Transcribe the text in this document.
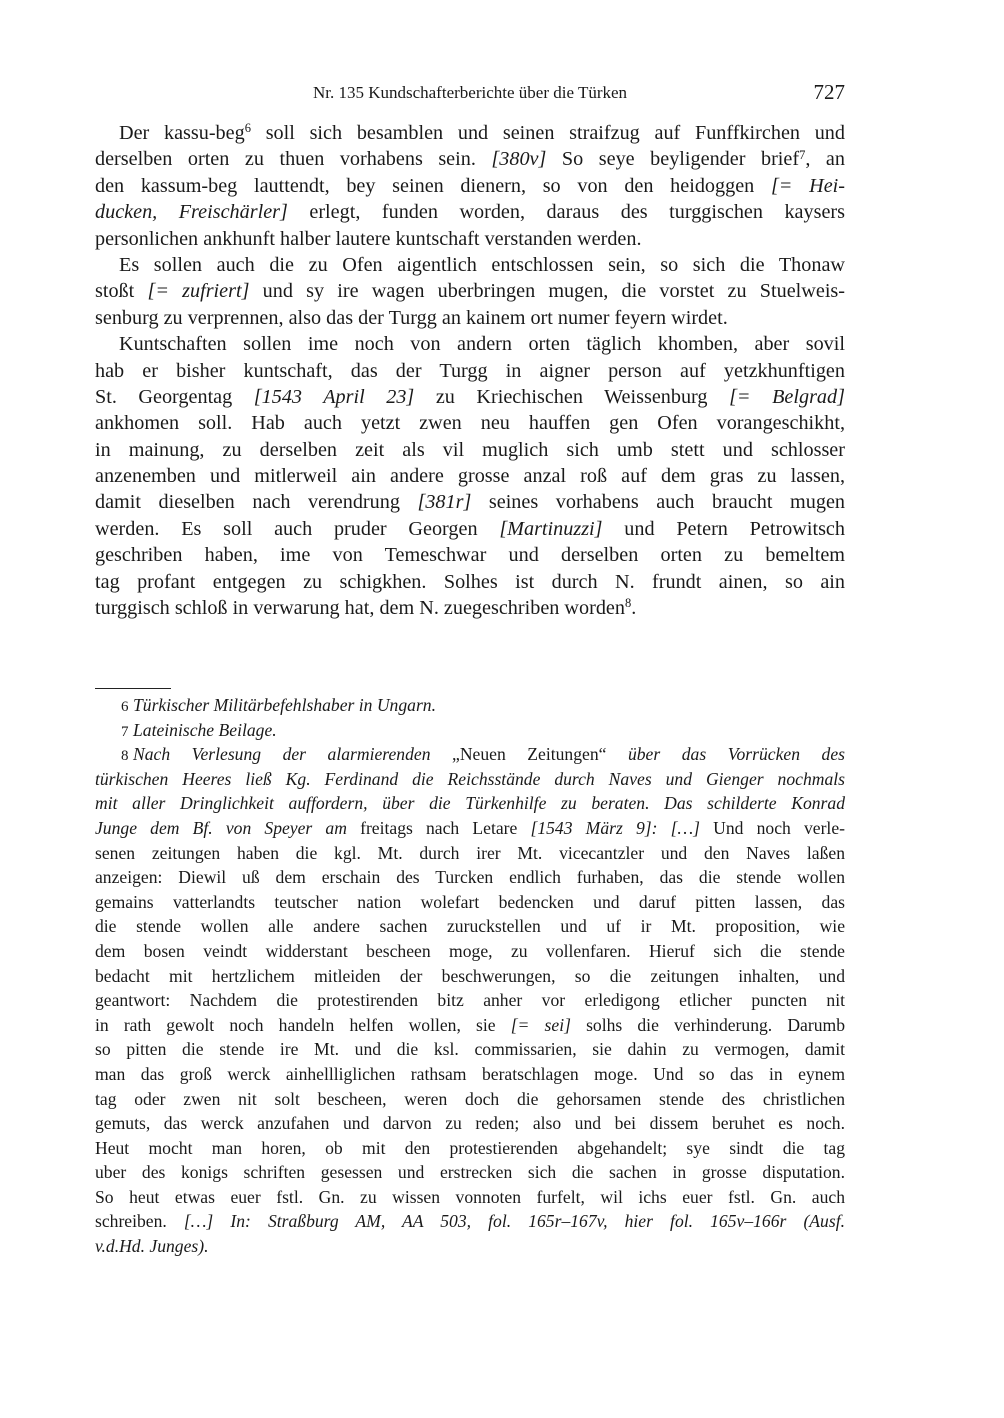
Nr. 135 Kundschafterberichte über die Türken	727
Der kassu-beg$^6$ soll sich besamblen und seinen straifzug auf Funffkirchen und
derselben orten zu thuen vorhabens sein. [380v] So seye beyligender brief$^7$, an
den kassum-beg lauttendt, bey seinen dienern, so von den heidoggen [= Hei-
ducken, Freischärler] erlegt, funden worden, daraus des turggischen kaysers
personlichen ankhunft halber lautere kuntschaft verstanden werden.
Es sollen auch die zu Ofen aigentlich entschlossen sein, so sich die Thonaw
stoßt [= zufriert] und sy ire wagen uberbringen mugen, die vorstet zu Stuelweis-
senburg zu verprennen, also das der Turgg an kainem ort numer feyern wirdet.
Kuntschaften sollen ime noch von andern orten täglich khomben, aber sovil
hab er bisher kuntschaft, das der Turgg in aigner person auf yetzkhunftigen
St. Georgentag [1543 April 23] zu Kriechischen Weissenburg [= Belgrad]
ankhomen soll. Hab auch yetzt zwen neu hauffen gen Ofen vorangeschikht,
in mainung, zu derselben zeit als vil muglich sich umb stett und schlosser
anzenemben und mitlerweil ain andere grosse anzal roß auf dem gras zu lassen,
damit dieselben nach verendrung [381r] seines vorhabens auch braucht mugen
werden. Es soll auch pruder Georgen [Martinuzzi] und Petern Petrowitsch
geschriben haben, ime von Temeschwar und derselben orten zu bemeltem
tag profant entgegen zu schigkhen. Solhes ist durch N. frundt ainen, so ain
turggisch schloß in verwarung hat, dem N. zuegeschriben worden$^8$.
6 Türkischer Militärbefehlshaber in Ungarn.
7 Lateinische Beilage.
8 Nach Verlesung der alarmierenden „Neuen Zeitungen“ über das Vorrücken des
türkischen Heeres ließ Kg. Ferdinand die Reichsstände durch Naves und Gienger nochmals
mit aller Dringlichkeit auffordern, über die Türkenhilfe zu beraten. Das schilderte Konrad
Junge dem Bf. von Speyer am freitags nach Letare [1543 März 9]: […] Und noch verle-
senen zeitungen haben die kgl. Mt. durch irer Mt. vicecantzler und den Naves laßen
anzeigen: Diewil uß dem erschain des Turcken endlich furhaben, das die stende wollen
gemains vatterlandts teutscher nation wolefart bedencken und daruf pitten lassen, das
die stende wollen alle andere sachen zuruckstellen und uf ir Mt. proposition, wie
dem bosen veindt widderstant bescheen moge, zu vollenfaren. Hieruf sich die stende
bedacht mit hertzlichem mitleiden der beschwerungen, so die zeitungen inhalten, und
geantwort: Nachdem die protestirenden bitz anher vor erledigong etlicher puncten nit
in rath gewolt noch handeln helfen wollen, sie [= sei] solhs die verhinderung. Darumb
so pitten die stende ire Mt. und die ksl. commissarien, sie dahin zu vermogen, damit
man das groß werck ainhellliglichen rathsam beratschlagen moge. Und so das in eynem
tag oder zwen nit solt bescheen, weren doch die gehorsamen stende des christlichen
gemuts, das werck anzufahen und darvon zu reden; also und bei dissem beruhet es noch.
Heut mocht man horen, ob mit den protestierenden abgehandelt; sye sindt die tag
uber des konigs schriften gesessen und erstrecken sich die sachen in grosse disputation.
So heut etwas euer fstl. Gn. zu wissen vonnoten furfelt, wil ichs euer fstl. Gn. auch
schreiben. […] In: Straßburg AM, AA 503, fol. 165r–167v, hier fol. 165v–166r (Ausf.
v.d.Hd. Junges).
